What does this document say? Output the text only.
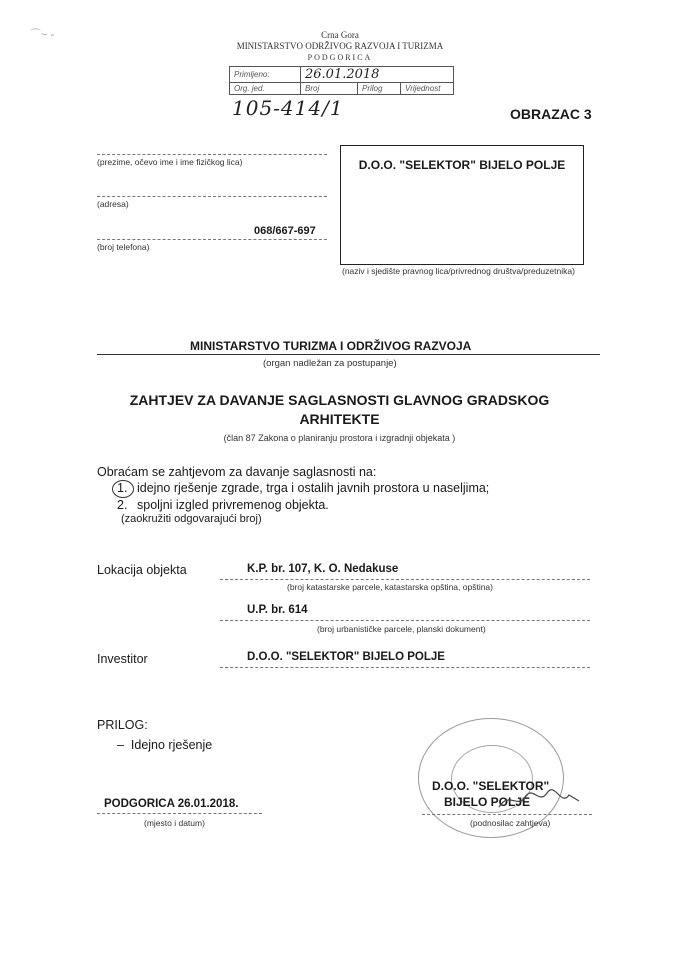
⌒~ -	Crna Gora
MINISTARSTVO ODRŽIVOG RAZVOJA I TURIZMA
PODGORICA
Primljeno:	26.01.2018		
Org. jed.	Broj	Prilog	Vrijednost

105-414/1	OBRAZAC 3
(prezime, očevo ime i ime fizičkog lica)
(adresa)
068/667-697
(broj telefona)
D.O.O. "SELEKTOR" BIJELO POLJE
(naziv i sjedište pravnog lica/privrednog društva/preduzetnika)
MINISTARSTVO TURIZMA I ODRŽIVOG RAZVOJA
(organ nadležan za postupanje)
ZAHTJEV ZA DAVANJE SAGLASNOSTI GLAVNOG GRADSKOG
ARHITEKTE
(član 87 Zakona o planiranju prostora i izgradnji objekata )
Obraćam se zahtjevom za davanje saglasnosti na:
1. idejno rješenje zgrade, trga i ostalih javnih prostora u naseljima;
2. spoljni izgled privremenog objekta.
(zaokružiti odgovarajući broj)
Lokacija objekta	K.P. br. 107, K. O. Nedakuse
(broj katastarske parcele, katastarska opština, opština)
U.P. br. 614
(broj urbanističke parcele, planski dokument)
Investitor	D.O.O. "SELEKTOR" BIJELO POLJE
PRILOG:
–  Idejno rješenje
PODGORICA 26.01.2018.
(mjesto i datum)
D.O.O. "SELEKTOR"
BIJELO POLJE
(podnosilac zahtjeva)
